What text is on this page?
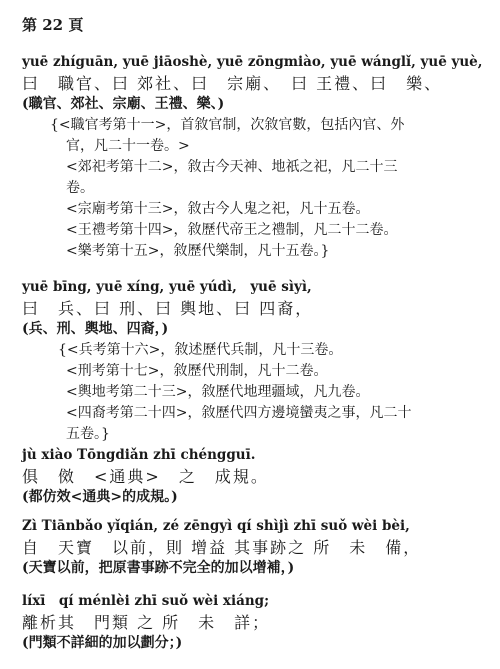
第 22 頁
yuē zhíguān, yuē jiāoshè, yuē zōngmiào, yuē wánglǐ, yuē yuè,
曰　職官、曰 郊社、曰　宗廟、　曰 王禮、曰　樂、
(職官、郊社、宗廟、王禮、樂、)
{<職官考第十一>，首敘官制，次敘官數，包括內官、外
官，凡二十一卷。>
<郊祀考第十二>，敘古今天神、地祇之祀，凡二十三
卷。
<宗廟考第十三>，敘古今人鬼之祀，凡十五卷。
<王禮考第十四>，敘歷代帝王之禮制，凡二十二卷。
<樂考第十五>，敘歷代樂制，凡十五卷。}
yuē bīng, yuē xíng, yuē yúdì,　yuē sìyì,
曰　兵、曰 刑、曰 輿地、曰 四裔，
(兵、刑、輿地、四裔，)
{<兵考第十六>，敘述歷代兵制，凡十三卷。
<刑考第十七>，敘歷代刑制，凡十二卷。
<輿地考第二十三>，敘歷代地理疆域，凡九卷。
<四裔考第二十四>，敘歷代四方邊境蠻夷之事，凡二十
五卷。}
jù xiào Tōngdiǎn zhī chéngguī.
俱　傚　<通典>　之　成規。
(都仿效<通典>的成規。)
Zì Tiānbǎo yǐqián, zé zēngyì qí shìjì zhī suǒ wèi bèi,
自　天寶　以前，則 增益 其事跡之 所　未　備，
(天寶以前，把原書事跡不完全的加以增補，)
líxī　qí ménlèi zhī suǒ wèi xiáng;
離析其　門類 之 所　未　詳；
(門類不詳細的加以劃分；)
